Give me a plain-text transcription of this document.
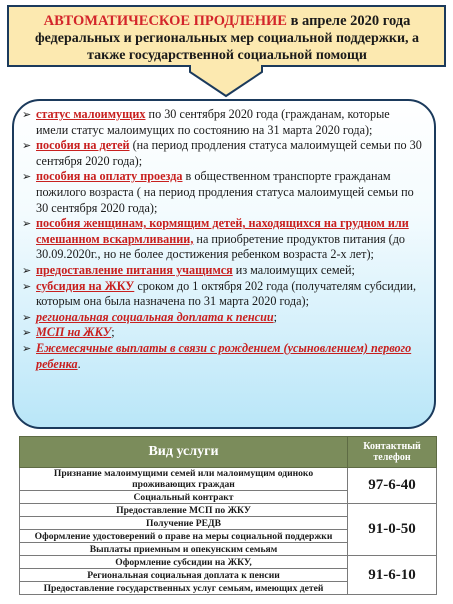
АВТОМАТИЧЕСКОЕ ПРОДЛЕНИЕ в апреле 2020 года
федеральных и региональных мер социальной поддержки, а
также государственной социальной помощи
➢ статус малоимущих по 30 сентября 2020 года (гражданам, которые имели статус малоимущих по состоянию на 31 марта 2020 года);
➢ пособия на детей (на период продления статуса малоимущей семьи по 30 сентября 2020 года);
➢ пособия на оплату проезда в общественном транспорте гражданам пожилого возраста ( на период продления статуса малоимущей семьи по 30 сентября 2020 года);
➢ пособия женщинам, кормящим детей, находящихся на грудном или смешанном вскармливании, на приобретение продуктов питания (до 30.09.2020г., но не более достижения ребенком возраста 2-х лет);
➢ предоставление питания учащимся из малоимущих семей;
➢ субсидия на ЖКУ сроком до 1 октября 202 года (получателям субсидии, которым она была назначена по 31 марта 2020 года);
➢ региональная социальная доплата к пенсии;
➢ МСП на ЖКУ;
➢ Ежемесячные выплаты в связи с рождением (усыновлением) первого ребенка.
Вид услуги	Контактный телефон
Признание малоимущими семей или малоимущим одиноко проживающих граждан	97-6-40
Социальный контракт	
Предоставление МСП по ЖКУ	91-0-50
Получение РЕДВ	
Оформление удостоверений о праве на меры социальной поддержки	
Выплаты приемным и опекунским семьям	
Оформление субсидии на ЖКУ,	91-6-10
Региональная социальная доплата к пенсии	
Предоставление государственных услуг семьям, имеющих детей	
